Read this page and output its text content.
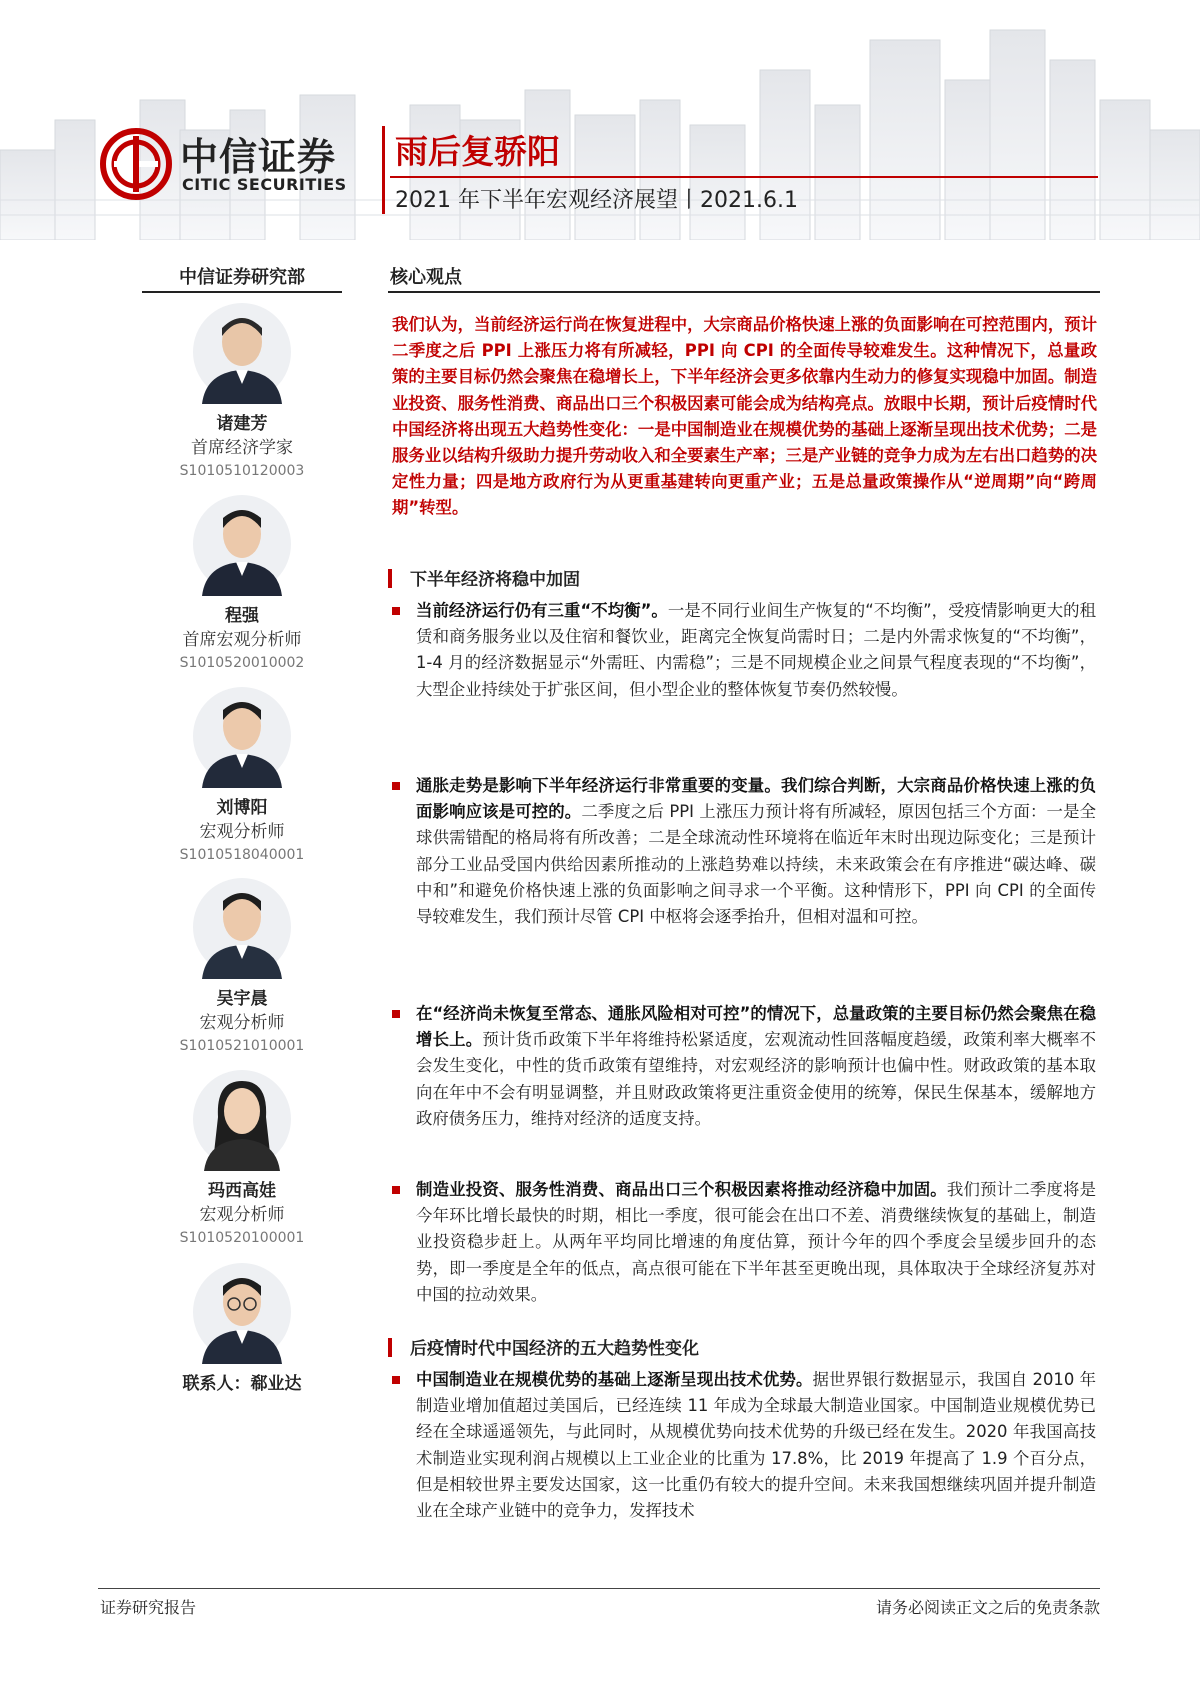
中信证券
CITIC SECURITIES
雨后复骄阳
2021 年下半年宏观经济展望丨2021.6.1
中信证券研究部
诸建芳
首席经济学家
S1010510120003
程强
首席宏观分析师
S1010520010002
刘博阳
宏观分析师
S1010518040001
吴宇晨
宏观分析师
S1010521010001
玛西高娃
宏观分析师
S1010520100001
联系人：郗业达
核心观点

我们认为，当前经济运行尚在恢复进程中，大宗商品价格快速上涨的负面影响在可控范围内，预计二季度之后 PPI 上涨压力将有所减轻，PPI 向 CPI 的全面传导较难发生。这种情况下，总量政策的主要目标仍然会聚焦在稳增长上，下半年经济会更多依靠内生动力的修复实现稳中加固。制造业投资、服务性消费、商品出口三个积极因素可能会成为结构亮点。放眼中长期，预计后疫情时代中国经济将出现五大趋势性变化：一是中国制造业在规模优势的基础上逐渐呈现出技术优势；二是服务业以结构升级助力提升劳动收入和全要素生产率；三是产业链的竞争力成为左右出口趋势的决定性力量；四是地方政府行为从更重基建转向更重产业；五是总量政策操作从“逆周期”向“跨周期”转型。

下半年经济将稳中加固

当前经济运行仍有三重“不均衡”。一是不同行业间生产恢复的“不均衡”，受疫情影响更大的租赁和商务服务业以及住宿和餐饮业，距离完全恢复尚需时日；二是内外需求恢复的“不均衡”，1-4 月的经济数据显示“外需旺、内需稳”；三是不同规模企业之间景气程度表现的“不均衡”，大型企业持续处于扩张区间，但小型企业的整体恢复节奏仍然较慢。

通胀走势是影响下半年经济运行非常重要的变量。我们综合判断，大宗商品价格快速上涨的负面影响应该是可控的。二季度之后 PPI 上涨压力预计将有所减轻，原因包括三个方面：一是全球供需错配的格局将有所改善；二是全球流动性环境将在临近年末时出现边际变化；三是预计部分工业品受国内供给因素所推动的上涨趋势难以持续，未来政策会在有序推进“碳达峰、碳中和”和避免价格快速上涨的负面影响之间寻求一个平衡。这种情形下，PPI 向 CPI 的全面传导较难发生，我们预计尽管 CPI 中枢将会逐季抬升，但相对温和可控。

在“经济尚未恢复至常态、通胀风险相对可控”的情况下，总量政策的主要目标仍然会聚焦在稳增长上。预计货币政策下半年将维持松紧适度，宏观流动性回落幅度趋缓，政策利率大概率不会发生变化，中性的货币政策有望维持，对宏观经济的影响预计也偏中性。财政政策的基本取向在年中不会有明显调整，并且财政政策将更注重资金使用的统筹，保民生保基本，缓解地方政府债务压力，维持对经济的适度支持。

制造业投资、服务性消费、商品出口三个积极因素将推动经济稳中加固。我们预计二季度将是今年环比增长最快的时期，相比一季度，很可能会在出口不差、消费继续恢复的基础上，制造业投资稳步赶上。从两年平均同比增速的角度估算，预计今年的四个季度会呈缓步回升的态势，即一季度是全年的低点，高点很可能在下半年甚至更晚出现，具体取决于全球经济复苏对中国的拉动效果。

后疫情时代中国经济的五大趋势性变化

中国制造业在规模优势的基础上逐渐呈现出技术优势。据世界银行数据显示，我国自 2010 年制造业增加值超过美国后，已经连续 11 年成为全球最大制造业国家。中国制造业规模优势已经在全球遥遥领先，与此同时，从规模优势向技术优势的升级已经在发生。2020 年我国高技术制造业实现利润占规模以上工业企业的比重为 17.8%，比 2019 年提高了 1.9 个百分点，但是相较世界主要发达国家，这一比重仍有较大的提升空间。未来我国想继续巩固并提升制造业在全球产业链中的竞争力，发挥技术

证券研究报告	请务必阅读正文之后的免责条款
